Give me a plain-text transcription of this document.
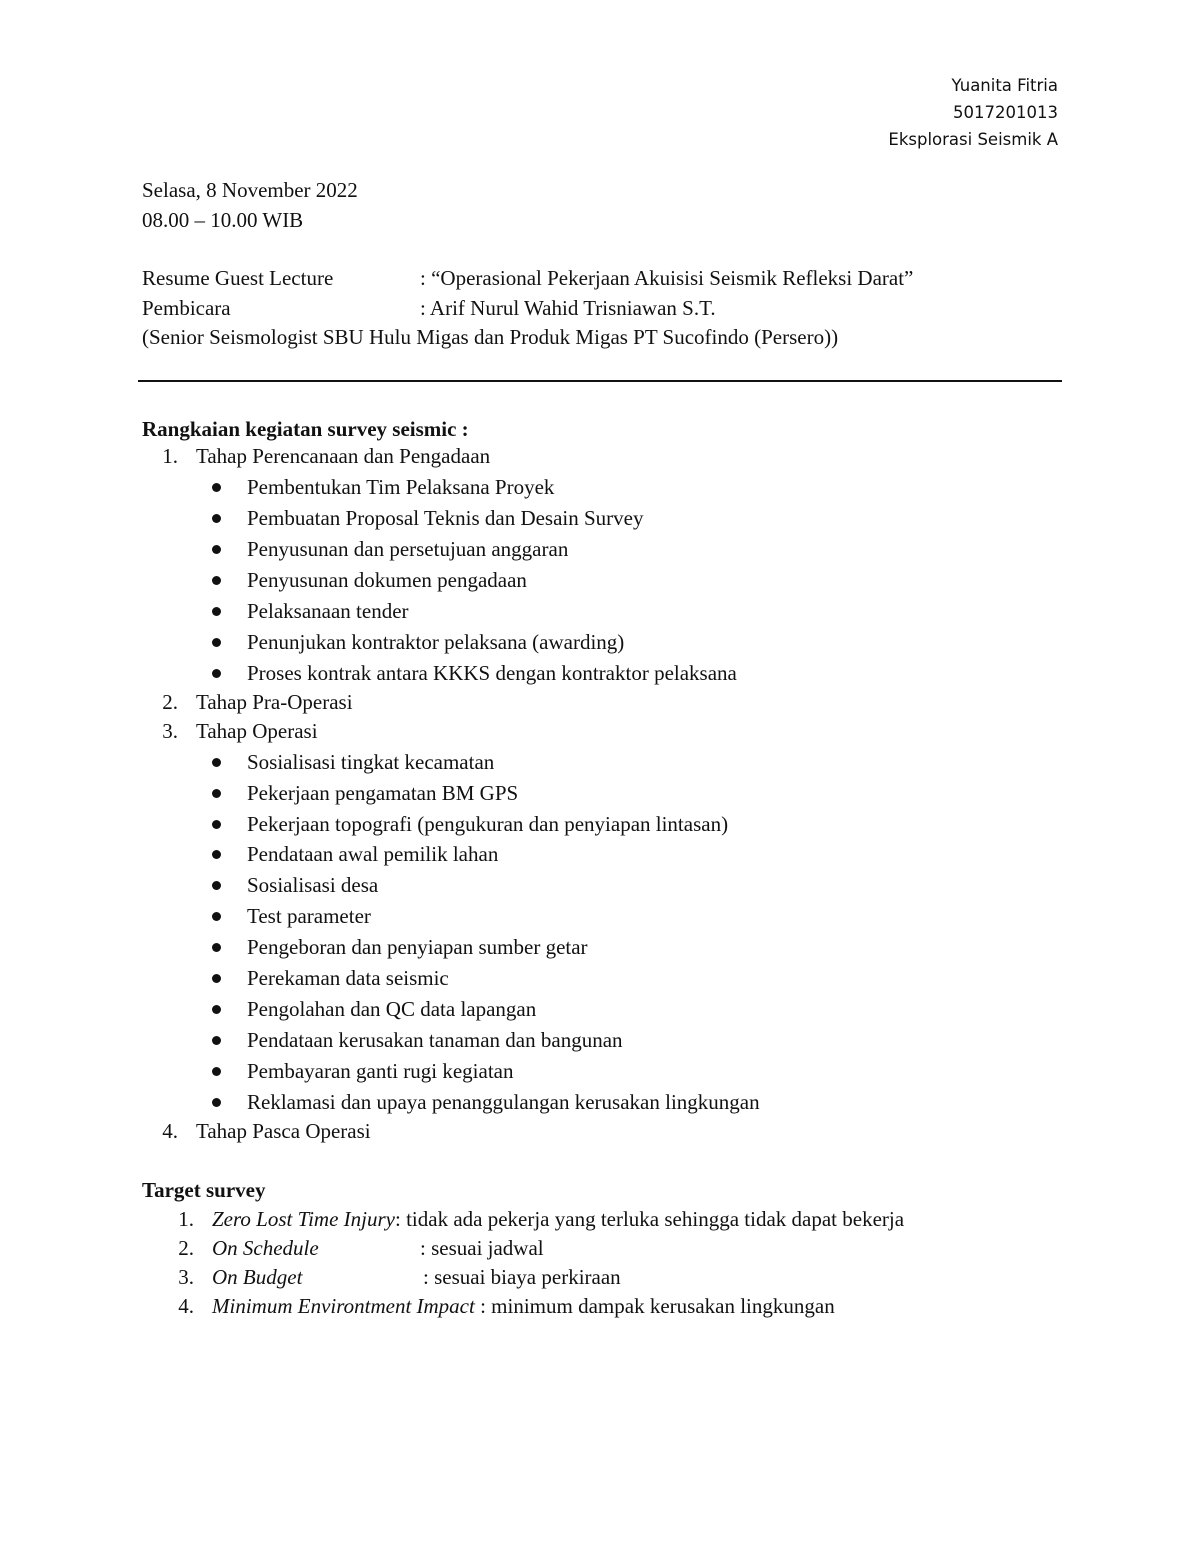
Yuanita Fitria
5017201013
Eksplorasi Seismik A
Selasa, 8 November 2022
08.00 – 10.00 WIB
Resume Guest Lecture	: “Operasional Pekerjaan Akuisisi Seismik Refleksi Darat”
Pembicara	: Arif Nurul Wahid Trisniawan S.T.
(Senior Seismologist SBU Hulu Migas dan Produk Migas PT Sucofindo (Persero))
Rangkaian kegiatan survey seismic :
1. Tahap Perencanaan dan Pengadaan
Pembentukan Tim Pelaksana Proyek
Pembuatan Proposal Teknis dan Desain Survey
Penyusunan dan persetujuan anggaran
Penyusunan dokumen pengadaan
Pelaksanaan tender
Penunjukan kontraktor pelaksana (awarding)
Proses kontrak antara KKKS dengan kontraktor pelaksana
2. Tahap Pra-Operasi
3. Tahap Operasi
Sosialisasi tingkat kecamatan
Pekerjaan pengamatan BM GPS
Pekerjaan topografi (pengukuran dan penyiapan lintasan)
Pendataan awal pemilik lahan
Sosialisasi desa
Test parameter
Pengeboran dan penyiapan sumber getar
Perekaman data seismic
Pengolahan dan QC data lapangan
Pendataan kerusakan tanaman dan bangunan
Pembayaran ganti rugi kegiatan
Reklamasi dan upaya penanggulangan kerusakan lingkungan
4. Tahap Pasca Operasi
Target survey
1. Zero Lost Time Injury: tidak ada pekerja yang terluka sehingga tidak dapat bekerja
2. On Schedule	: sesuai jadwal
3. On Budget	: sesuai biaya perkiraan
4. Minimum Environtment Impact : minimum dampak kerusakan lingkungan
